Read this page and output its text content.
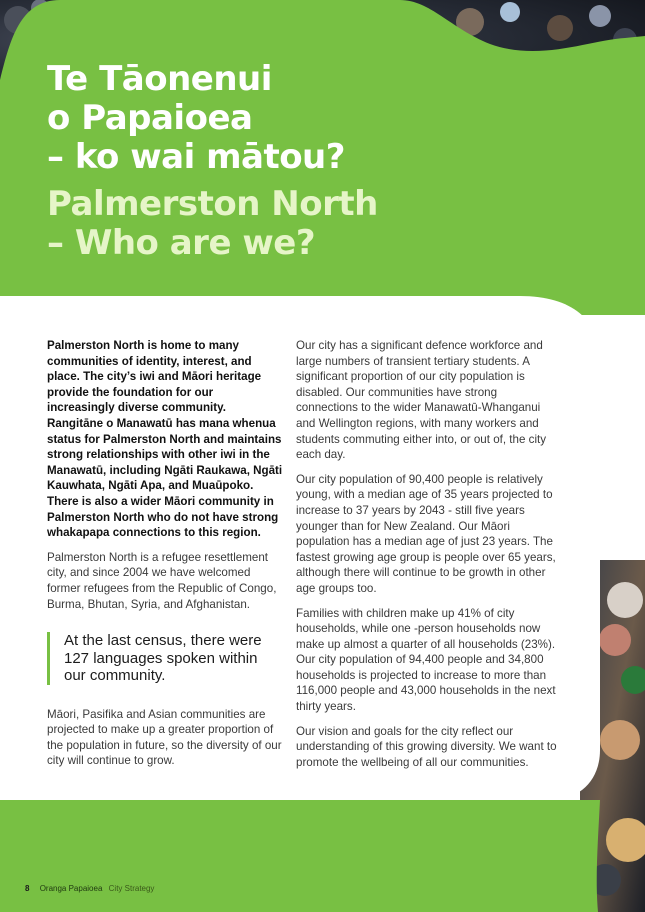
Te Tāonenui
o Papaioea
– ko wai mātou?
Palmerston North
– Who are we?

Palmerston North is home to many communities of identity, interest, and place. The city’s iwi and Māori heritage provide the foundation for our increasingly diverse community. Rangitāne o Manawatū has mana whenua status for Palmerston North and maintains strong relationships with other iwi in the Manawatū, including Ngāti Raukawa, Ngāti Kauwhata, Ngāti Apa, and Muaūpoko. There is also a wider Māori community in Palmerston North who do not have strong whakapapa connections to this region.

Palmerston North is a refugee resettlement city, and since 2004 we have welcomed former refugees from the Republic of Congo, Burma, Bhutan, Syria, and Afghanistan.

At the last census, there were 127 languages spoken within our community.

Māori, Pasifika and Asian communities are projected to make up a greater proportion of the population in future, so the diversity of our city will continue to grow.

Our city has a significant defence workforce and large numbers of transient tertiary students. A significant proportion of our city population is disabled. Our communities have strong connections to the wider Manawatū-Whanganui and Wellington regions, with many workers and students commuting either into, or out of, the city each day.

Our city population of 90,400 people is relatively young, with a median age of 35 years projected to increase to 37 years by 2043 - still five years younger than for New Zealand. Our Māori population has a median age of just 23 years. The fastest growing age group is people over 65 years, although there will continue to be growth in other age groups too.

Families with children make up 41% of city households, while one -person households now make up almost a quarter of all households (23%). Our city population of 94,400 people and 34,800 households is projected to increase to more than 116,000 people and 43,000 households in the next thirty years.

Our vision and goals for the city reflect our understanding of this growing diversity. We want to promote the wellbeing of all our communities.

8 Oranga Papaioea City Strategy
